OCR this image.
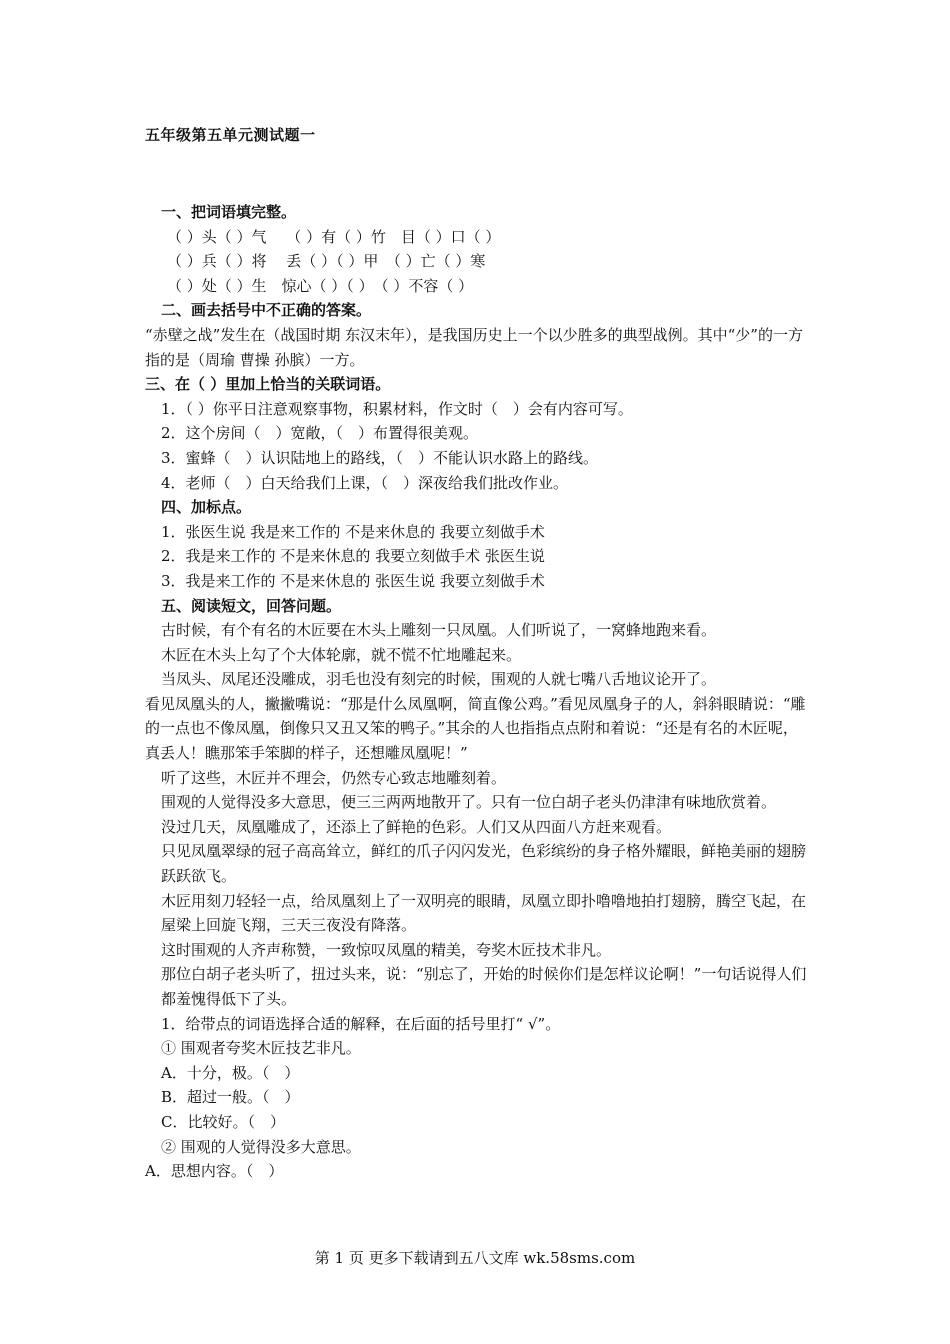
五年级第五单元测试题一

一、把词语填完整。

（ ）头（ ）气　 （ ）有（ ）竹　目（ ）口（ ）

（ ）兵（ ）将　 丢（ ）（ ）甲　（ ）亡（ ）寒

（ ）处（ ）生　惊心（ ）（ ）　（ ）不容（ ）

二、画去括号中不正确的答案。

“赤壁之战”发生在（战国时期 东汉末年），是我国历史上一个以少胜多的典型战例。其中“少”的一方指的是（周瑜 曹操 孙膑）一方。

三、在（ ）里加上恰当的关联词语。

1．（ ）你平日注意观察事物，积累材料，作文时（　）会有内容可写。

2．这个房间（　）宽敞，（　）布置得很美观。

3．蜜蜂（　）认识陆地上的路线，（　）不能认识水路上的路线。

4．老师（　）白天给我们上课，（　）深夜给我们批改作业。

四、加标点。

1．张医生说 我是来工作的 不是来休息的 我要立刻做手术

2．我是来工作的 不是来休息的 我要立刻做手术 张医生说

3．我是来工作的 不是来休息的 张医生说 我要立刻做手术

五、阅读短文，回答问题。

古时候，有个有名的木匠要在木头上雕刻一只凤凰。人们听说了，一窝蜂地跑来看。

木匠在木头上勾了个大体轮廓，就不慌不忙地雕起来。

当凤头、凤尾还没雕成，羽毛也没有刻完的时候，围观的人就七嘴八舌地议论开了。

看见凤凰头的人，撇撇嘴说：“那是什么凤凰啊，简直像公鸡。”看见凤凰身子的人，斜斜眼睛说：“雕的一点也不像凤凰，倒像只又丑又笨的鸭子。”其余的人也指指点点附和着说：“还是有名的木匠呢，真丢人！瞧那笨手笨脚的样子，还想雕凤凰呢！”

听了这些，木匠并不理会，仍然专心致志地雕刻着。

围观的人觉得没多大意思，便三三两两地散开了。只有一位白胡子老头仍津津有味地欣赏着。

没过几天，凤凰雕成了，还添上了鲜艳的色彩。人们又从四面八方赶来观看。

只见凤凰翠绿的冠子高高耸立，鲜红的爪子闪闪发光，色彩缤纷的身子格外耀眼，鲜艳美丽的翅膀跃跃欲飞。

木匠用刻刀轻轻一点，给凤凰刻上了一双明亮的眼睛，凤凰立即扑噜噜地拍打翅膀，腾空飞起，在屋梁上回旋飞翔，三天三夜没有降落。

这时围观的人齐声称赞，一致惊叹凤凰的精美，夸奖木匠技术非凡。

那位白胡子老头听了，扭过头来，说：“别忘了，开始的时候你们是怎样议论啊！”一句话说得人们都羞愧得低下了头。

1．给带点的词语选择合适的解释，在后面的括号里打“ √”。

① 围观者夸奖木匠技艺非凡。

A．十分，极。（　）

B．超过一般。（　）

C．比较好。（　）

② 围观的人觉得没多大意思。

A．思想内容。（　）

第 1 页 更多下载请到五八文库 wk.58sms.com
